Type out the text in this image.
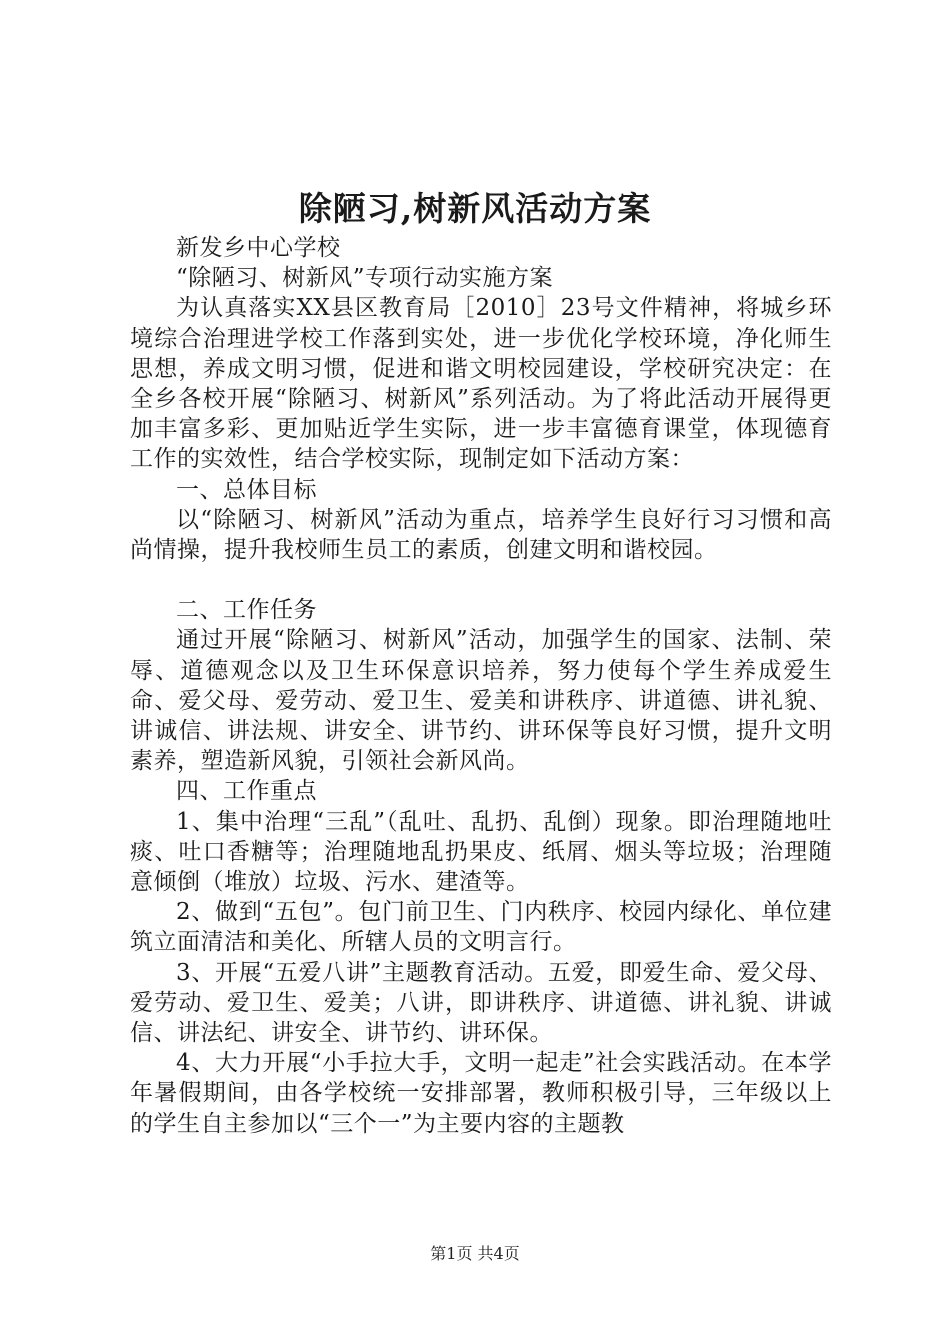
除陋习,树新风活动方案

新发乡中心学校

“除陋习、树新风”专项行动实施方案

为认真落实XX县区教育局［2010］23号文件精神，将城乡环境综合治理进学校工作落到实处，进一步优化学校环境，净化师生思想，养成文明习惯，促进和谐文明校园建设，学校研究决定：在全乡各校开展“除陋习、树新风”系列活动。为了将此活动开展得更加丰富多彩、更加贴近学生实际，进一步丰富德育课堂，体现德育工作的实效性，结合学校实际，现制定如下活动方案：

一、总体目标

以“除陋习、树新风”活动为重点，培养学生良好行习习惯和高尚情操，提升我校师生员工的素质，创建文明和谐校园。

二、工作任务

通过开展“除陋习、树新风”活动，加强学生的国家、法制、荣辱、道德观念以及卫生环保意识培养，努力使每个学生养成爱生命、爱父母、爱劳动、爱卫生、爱美和讲秩序、讲道德、讲礼貌、讲诚信、讲法规、讲安全、讲节约、讲环保等良好习惯，提升文明素养，塑造新风貌，引领社会新风尚。

四、工作重点

1、集中治理“三乱”（乱吐、乱扔、乱倒）现象。即治理随地吐痰、吐口香糖等；治理随地乱扔果皮、纸屑、烟头等垃圾；治理随意倾倒（堆放）垃圾、污水、建渣等。

2、做到“五包”。包门前卫生、门内秩序、校园内绿化、单位建筑立面清洁和美化、所辖人员的文明言行。

3、开展“五爱八讲”主题教育活动。五爱，即爱生命、爱父母、爱劳动、爱卫生、爱美；八讲，即讲秩序、讲道德、讲礼貌、讲诚信、讲法纪、讲安全、讲节约、讲环保。

4、大力开展“小手拉大手，文明一起走”社会实践活动。在本学年暑假期间，由各学校统一安排部署，教师积极引导，三年级以上的学生自主参加以“三个一”为主要内容的主题教

第1页 共4页
